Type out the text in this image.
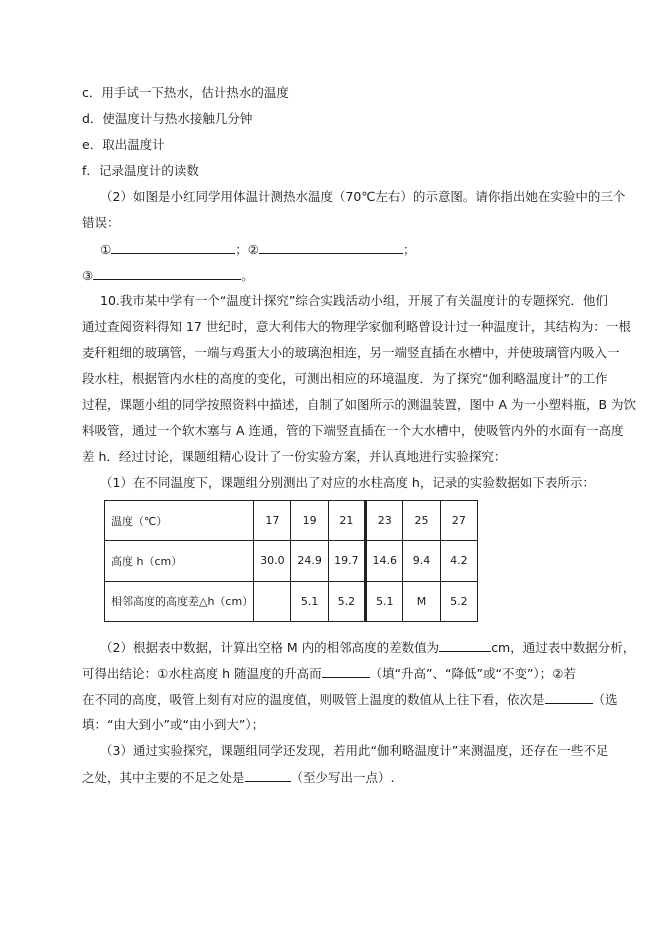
c．用手试一下热水，估计热水的温度
d．使温度计与热水接触几分钟
e．取出温度计
f．记录温度计的读数
（2）如图是小红同学用体温计测热水温度（70℃左右）的示意图。请你指出她在实验中的三个
错误：
①	；②	；
③	。
10.我市某中学有一个“温度计探究”综合实践活动小组，开展了有关温度计的专题探究．他们
通过查阅资料得知 17 世纪时，意大利伟大的物理学家伽利略曾设计过一种温度计，其结构为：一根
麦秆粗细的玻璃管，一端与鸡蛋大小的玻璃泡相连，另一端竖直插在水槽中，并使玻璃管内吸入一
段水柱，根据管内水柱的高度的变化，可测出相应的环境温度．为了探究“伽利略温度计”的工作
过程，课题小组的同学按照资料中描述，自制了如图所示的测温装置，图中 A 为一小塑料瓶，B 为饮
料吸管，通过一个软木塞与 A 连通，管的下端竖直插在一个大水槽中，使吸管内外的水面有一高度
差 h．经过讨论，课题组精心设计了一份实验方案，并认真地进行实验探究：
（1）在不同温度下，课题组分别测出了对应的水柱高度 h，记录的实验数据如下表所示：
温度（℃）	17	19	21	23	25	27
高度 h（cm）	30.0	24.9	19.7	14.6	9.4	4.2
相邻高度的高度差△h（cm）		5.1	5.2	5.1	M	5.2
（2）根据表中数据，计算出空格 M 内的相邻高度的差数值为	cm，通过表中数据分析，
可得出结论：①水柱高度 h 随温度的升高而	（填“升高”、“降低”或“不变”）；②若
在不同的高度，吸管上刻有对应的温度值，则吸管上温度的数值从上往下看，依次是	（选
填：“由大到小”或“由小到大”）；
（3）通过实验探究，课题组同学还发现，若用此“伽利略温度计”来测温度，还存在一些不足
之处，其中主要的不足之处是	（至少写出一点）.
